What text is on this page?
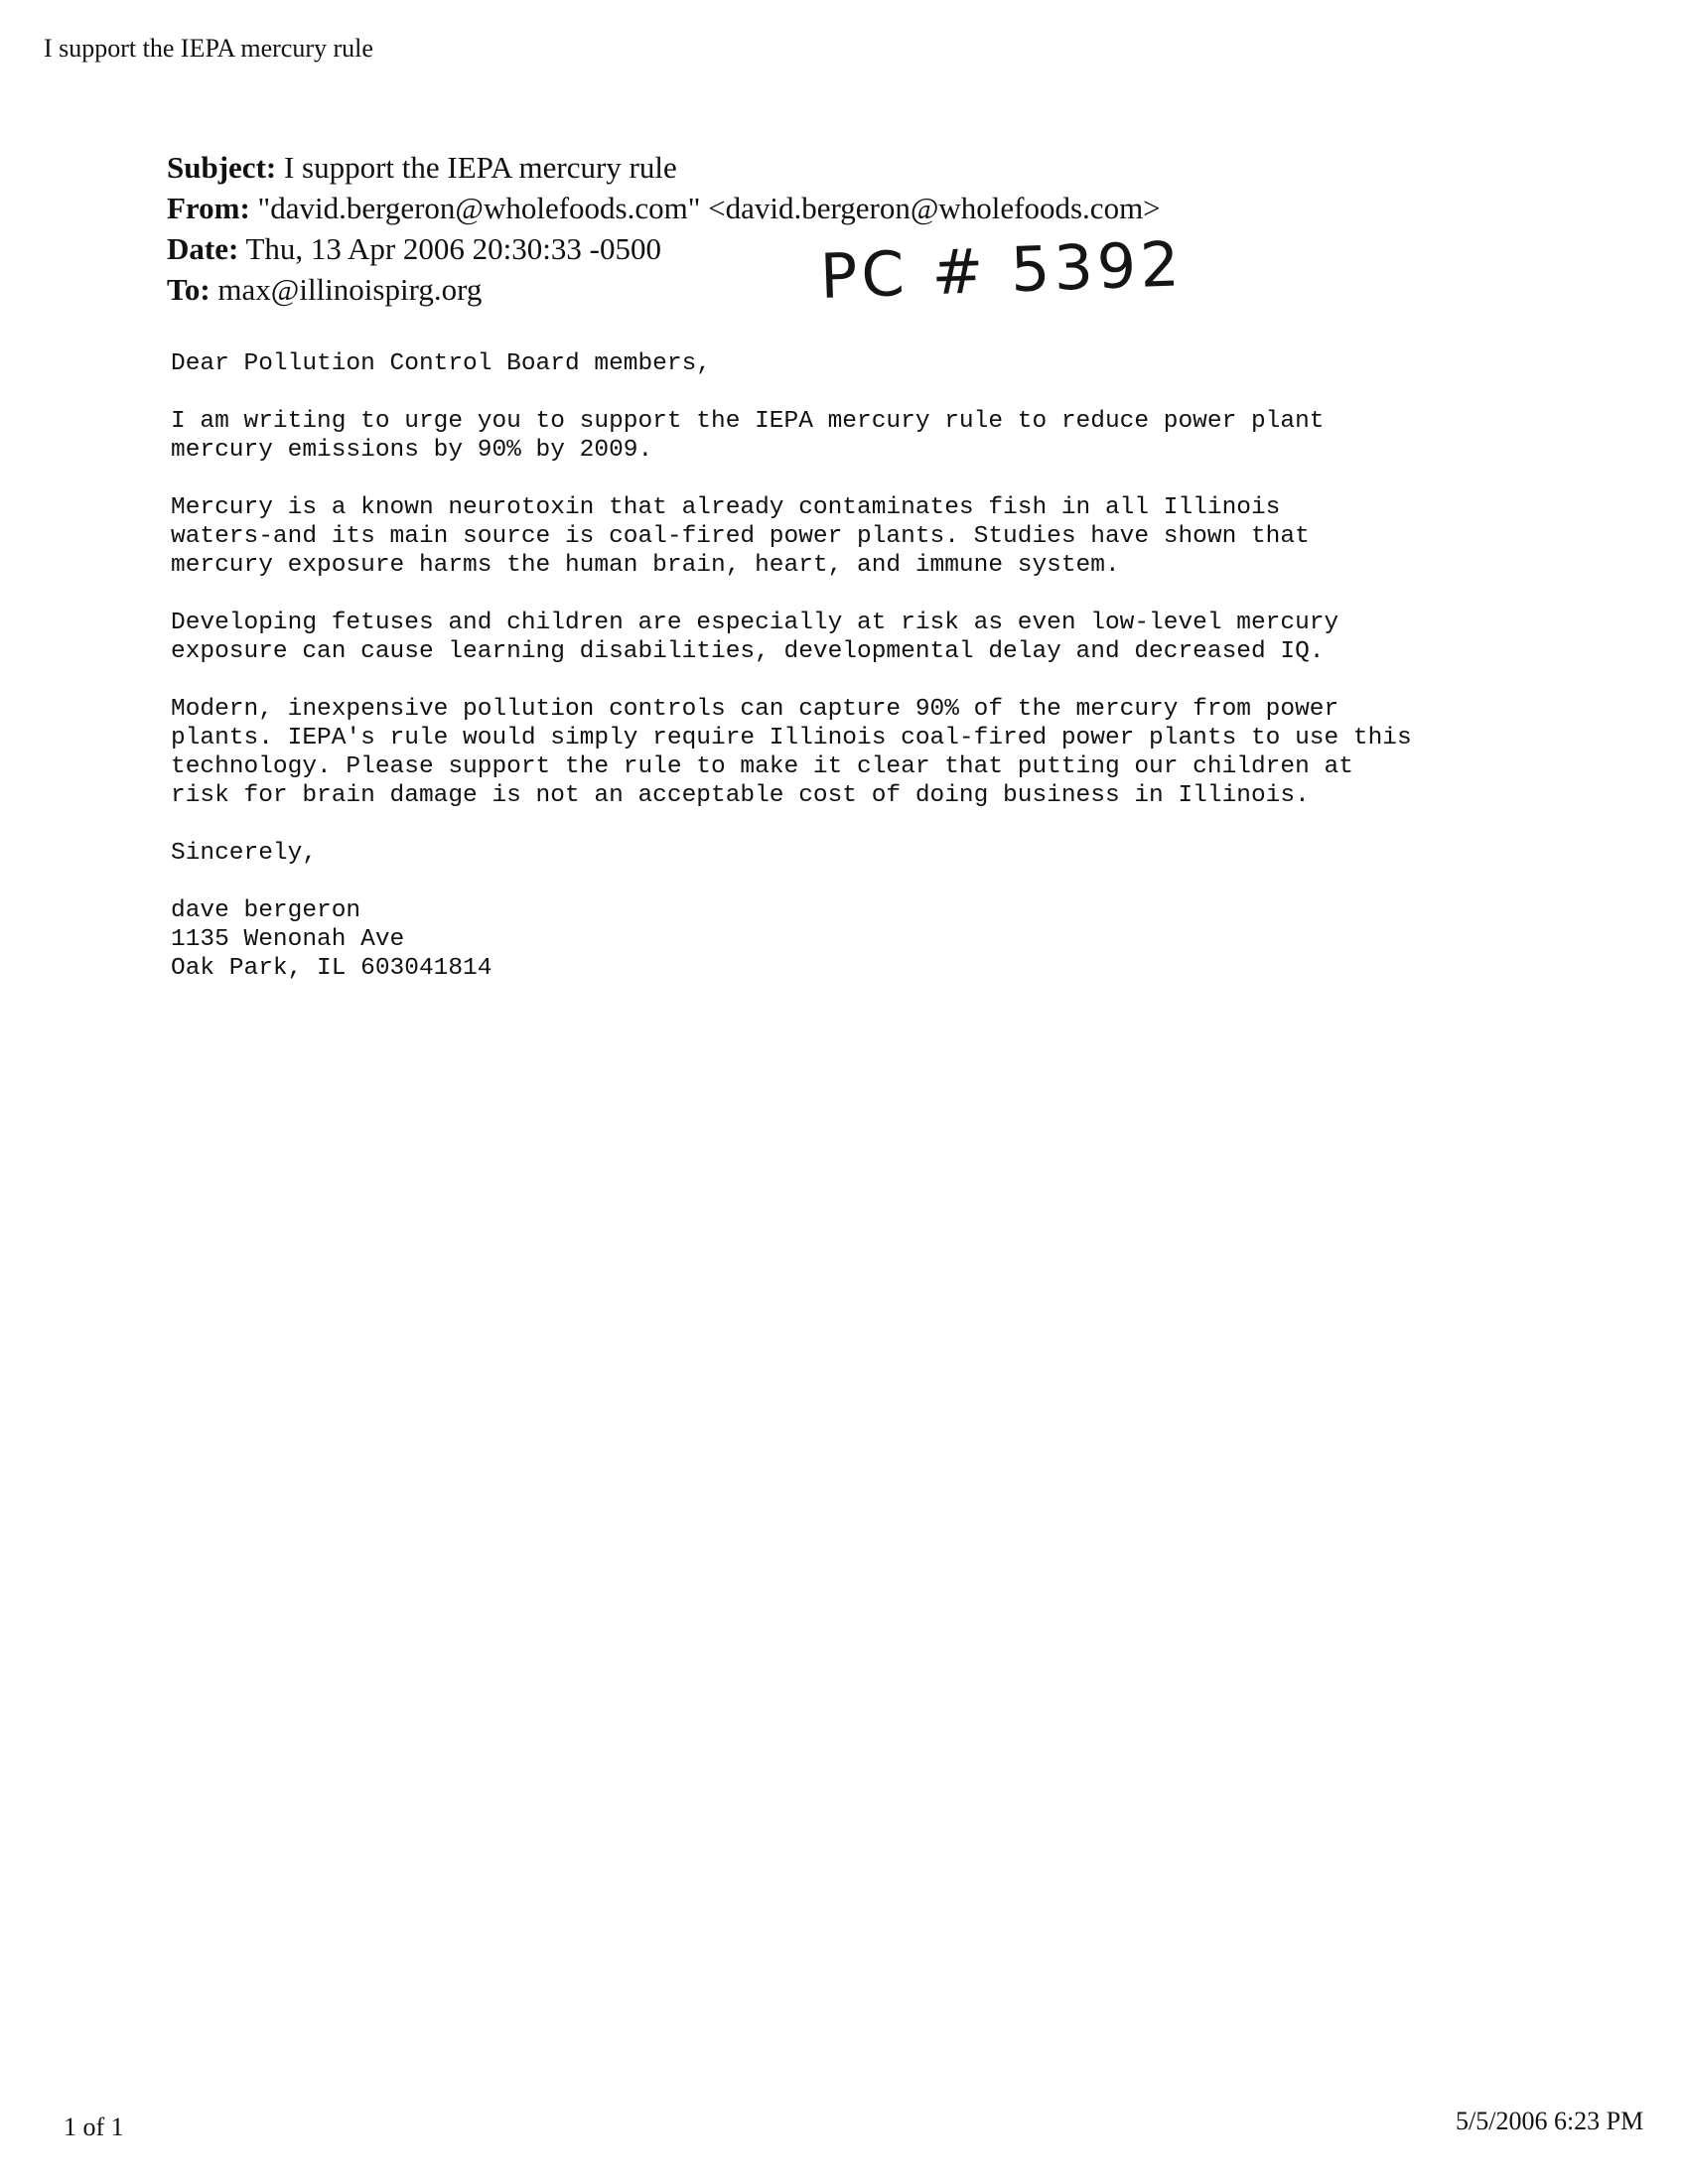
I support the IEPA mercury rule
Subject: I support the IEPA mercury rule
From: "david.bergeron@wholefoods.com" <david.bergeron@wholefoods.com>
Date: Thu, 13 Apr 2006 20:30:33 -0500
To: max@illinoispirg.org	PC # 5392

Dear Pollution Control Board members,

I am writing to urge you to support the IEPA mercury rule to reduce power plant
mercury emissions by 90% by 2009.

Mercury is a known neurotoxin that already contaminates fish in all Illinois
waters-and its main source is coal-fired power plants. Studies have shown that
mercury exposure harms the human brain, heart, and immune system.

Developing fetuses and children are especially at risk as even low-level mercury
exposure can cause learning disabilities, developmental delay and decreased IQ.

Modern, inexpensive pollution controls can capture 90% of the mercury from power
plants. IEPA's rule would simply require Illinois coal-fired power plants to use this
technology. Please support the rule to make it clear that putting our children at
risk for brain damage is not an acceptable cost of doing business in Illinois.

Sincerely,

dave bergeron

1135 Wenonah Ave

Oak Park, IL 603041814

1 of 1	5/5/2006 6:23 PM
